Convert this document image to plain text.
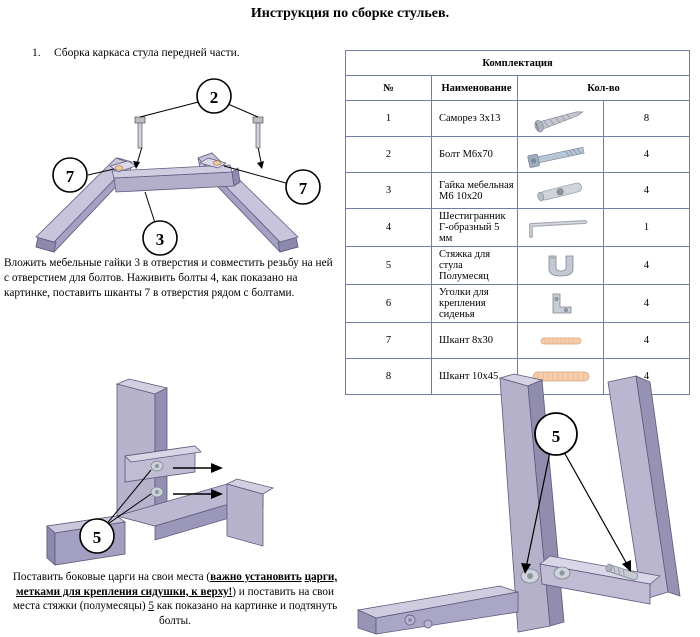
Инструкция по сборке стульев.
1. Сборка каркаса стула передней части.
2
7
7
3
Вложить мебельные гайки 3 в отверстия и совместить резьбу на ней с отверстием для болтов. Наживить болты 4, как показано на картинке, поставить шканты 7 в отверстия рядом с болтами.
Комплектация			
№	Наименование	Кол-во	
1	Саморез 3х13		8
2	Болт М6х70		4
3	Гайка мебельная М6 10х20		4
4	Шестигранник Г-образный 5 мм		1
5	Стяжка для стула Полумесяц		4
6	Уголки для крепления сиденья		4
7	Шкант 8х30		4
8	Шкант 10х45		4
5
Поставить боковые царги на свои места (важно установить царги, метками для крепления сидушки, к верху!) и поставить на свои места стяжки (полумесяцы) 5 как показано на картинке и подтянуть болты.
5
